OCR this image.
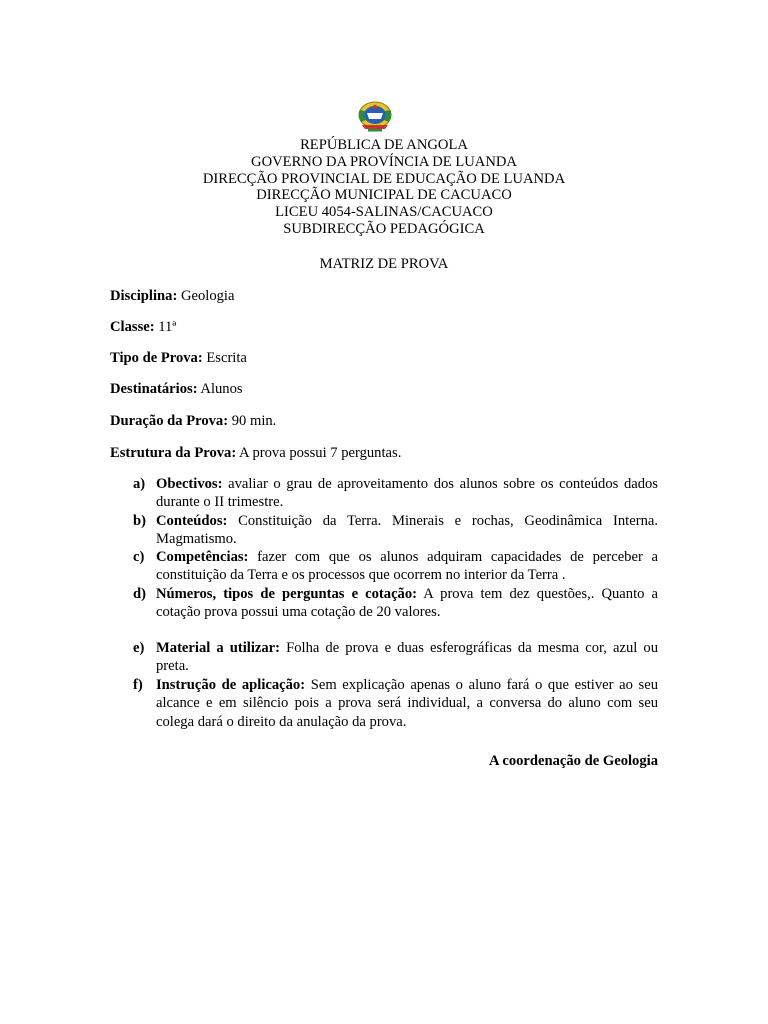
REPÚBLICA DE ANGOLA
GOVERNO DA PROVÍNCIA DE LUANDA
DIRECÇÃO PROVINCIAL DE EDUCAÇÃO DE LUANDA
DIRECÇÃO MUNICIPAL DE CACUACO
LICEU 4054-SALINAS/CACUACO
SUBDIRECÇÃO PEDAGÓGICA
MATRIZ DE PROVA
Disciplina: Geologia
Classe: 11ª
Tipo de Prova: Escrita
Destinatários: Alunos
Duração da Prova: 90 min.
Estrutura da Prova: A prova possui 7 perguntas.
a) Obectivos: avaliar o grau de aproveitamento dos alunos sobre os conteúdos dados durante o II trimestre.
b) Conteúdos: Constituição da Terra. Minerais e rochas, Geodinâmica Interna. Magmatismo.
c) Competências: fazer com que os alunos adquiram capacidades de perceber a constituição da Terra e os processos que ocorrem no interior da Terra .
d) Números, tipos de perguntas e cotação: A prova tem dez questões,. Quanto a cotação prova possui uma cotação de 20 valores.
e) Material a utilizar: Folha de prova e duas esferográficas da mesma cor, azul ou preta.
f) Instrução de aplicação: Sem explicação apenas o aluno fará o que estiver ao seu alcance e em silêncio pois a prova será individual, a conversa do aluno com seu colega dará o direito da anulação da prova.
A coordenação de Geologia
